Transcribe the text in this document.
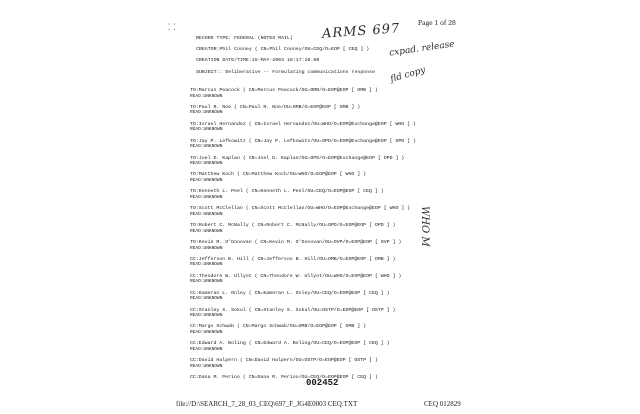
⸬
Page 1 of 28
ARMS 697
cxpad. release
fld copy
WHO M
RECORD TYPE: FEDERAL (NOTES MAIL)
CREATOR:Phil Cooney ( CN=Phil Cooney/OU=CEQ/O=EOP [ CEQ ] )
CREATION DATE/TIME:15-MAY-2003 18:17:28.00
SUBJECT:: Deliberative -- Formulating communications response
TO:Marcus Peacock ( CN=Marcus Peacock/OU=OMB/O=EOP@EOP [ OMB ] )
READ:UNKNOWN
TO:Paul R. Noe ( CN=Paul R. Noe/OU=OMB/O=EOP@EOP [ OMB ] )
READ:UNKNOWN
TO:Israel Hernandez ( CN=Israel Hernandez/OU=WHO/O=EOP@Exchange@EOP [ WHO ] )
READ:UNKNOWN
TO:Jay P. Lefkowitz ( CN=Jay P. Lefkowitz/OU=OPD/O=EOP@Exchange@EOP [ OPD ] )
READ:UNKNOWN
TO:Joel D. Kaplan ( CN=Joel D. Kaplan/OU=OPD/O=EOP@Exchange@EOP [ OPD ] )
READ:UNKNOWN
TO:Matthew Koch ( CN=Matthew Koch/OU=WHO/O=EOP@EOP [ WHO ] )
READ:UNKNOWN
TO:Kenneth L. Peel ( CN=Kenneth L. Peel/OU=CEQ/O=EOP@EOP [ CEQ ] )
READ:UNKNOWN
TO:Scott McClellan ( CN=Scott McClellan/OU=WHO/O=EOP@Exchange@EOP [ WHO ] )
READ:UNKNOWN
TO:Robert C. McNally ( CN=Robert C. McNally/OU=OPD/O=EOP@EOP [ OPD ] )
READ:UNKNOWN
TO:Kevin M. O'Donovan ( CN=Kevin M. O'Donovan/OU=OVP/O=EOP@EOP [ OVP ] )
READ:UNKNOWN
CC:Jefferson B. Hill ( CN=Jefferson B. Hill/OU=OMB/O=EOP@EOP [ OMB ] )
READ:UNKNOWN
CC:Theodore W. Ullyot ( CN=Theodore W. Ullyot/OU=WHO/O=EOP@EOP [ WHO ] )
READ:UNKNOWN
CC:Kameran L. Onley ( CN=Kameran L. Onley/OU=CEQ/O=EOP@EOP [ CEQ ] )
READ:UNKNOWN
CC:Stanley S. Sokul ( CN=Stanley S. Sokul/OU=OSTP/O=EOP@EOP [ OSTP ] )
READ:UNKNOWN
CC:Margo Schwab ( CN=Margo Schwab/OU=OMB/O=EOP@EOP [ OMB ] )
READ:UNKNOWN
CC:Edward A. Boling ( CN=Edward A. Boling/OU=CEQ/O=EOP@EOP [ CEQ ] )
READ:UNKNOWN
CC:David Halpern ( CN=David Halpern/OU=OSTP/O=EOP@EOP [ OSTP ] )
READ:UNKNOWN
CC:Dana M. Perino ( CN=Dana M. Perino/OU=CEQ/O=EOP@EOP [ CEQ ] )
002452
file://D:\SEARCH_7_28_03_CEQ\697_F_JG4E0003 CEQ.TXT	CEQ 012829
